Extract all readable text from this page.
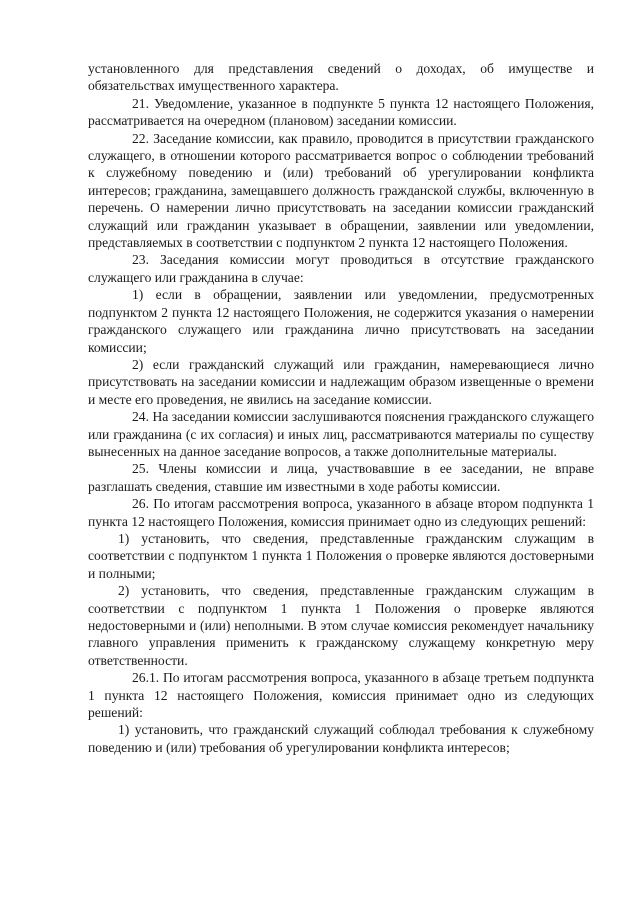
установленного для представления сведений о доходах, об имуществе и обязательствах имущественного характера.

21. Уведомление, указанное в подпункте 5 пункта 12 настоящего Положения, рассматривается на очередном (плановом) заседании комиссии.

22. Заседание комиссии, как правило, проводится в присутствии гражданского служащего, в отношении которого рассматривается вопрос о соблюдении требований к служебному поведению и (или) требований об урегулировании конфликта интересов; гражданина, замещавшего должность гражданской службы, включенную в перечень. О намерении лично присутствовать на заседании комиссии гражданский служащий или гражданин указывает в обращении, заявлении или уведомлении, представляемых в соответствии с подпунктом 2 пункта 12 настоящего Положения.

23. Заседания комиссии могут проводиться в отсутствие гражданского служащего или гражданина в случае:

1) если в обращении, заявлении или уведомлении, предусмотренных подпунктом 2 пункта 12 настоящего Положения, не содержится указания о намерении гражданского служащего или гражданина лично присутствовать на заседании комиссии;

2) если гражданский служащий или гражданин, намеревающиеся лично присутствовать на заседании комиссии и надлежащим образом извещенные о времени и месте его проведения, не явились на заседание комиссии.

24. На заседании комиссии заслушиваются пояснения гражданского служащего или гражданина (с их согласия) и иных лиц, рассматриваются материалы по существу вынесенных на данное заседание вопросов, а также дополнительные материалы.

25. Члены комиссии и лица, участвовавшие в ее заседании, не вправе разглашать сведения, ставшие им известными в ходе работы комиссии.

26. По итогам рассмотрения вопроса, указанного в абзаце втором подпункта 1 пункта 12 настоящего Положения, комиссия принимает одно из следующих решений:

1) установить, что сведения, представленные гражданским служащим в соответствии с подпунктом 1 пункта 1 Положения о проверке являются достоверными и полными;

2) установить, что сведения, представленные гражданским служащим в соответствии с подпунктом 1 пункта 1 Положения о проверке являются недостоверными и (или) неполными. В этом случае комиссия рекомендует начальнику главного управления применить к гражданскому служащему конкретную меру ответственности.

26.1. По итогам рассмотрения вопроса, указанного в абзаце третьем подпункта 1 пункта 12 настоящего Положения, комиссия принимает одно из следующих решений:

1) установить, что гражданский служащий соблюдал требования к служебному поведению и (или) требования об урегулировании конфликта интересов;
